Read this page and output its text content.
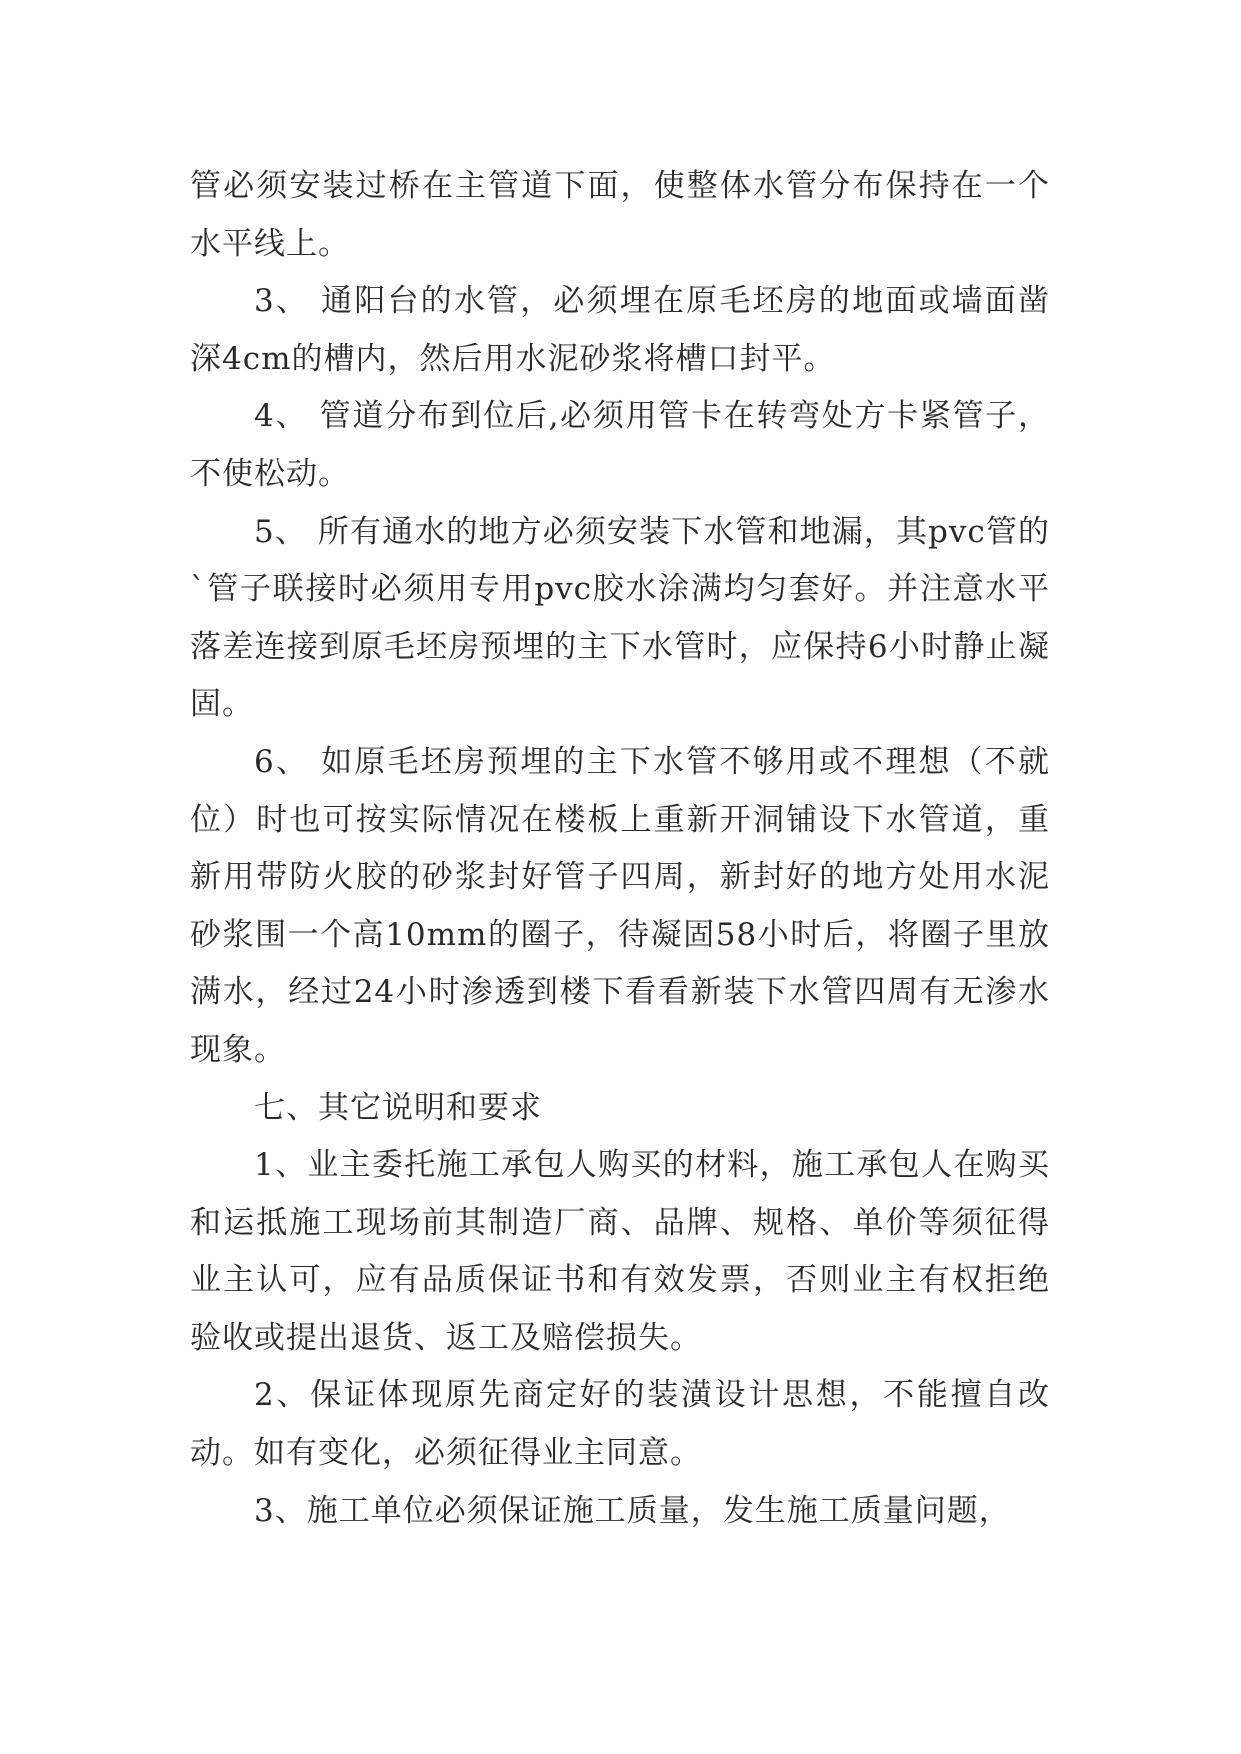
管必须安装过桥在主管道下面，使整体水管分布保持在一个水平线上。

3、 通阳台的水管，必须埋在原毛坯房的地面或墙面凿深4cm的槽内，然后用水泥砂浆将槽口封平。

4、 管道分布到位后,必须用管卡在转弯处方卡紧管子，不使松动。

5、 所有通水的地方必须安装下水管和地漏，其pvc管的`管子联接时必须用专用pvc胶水涂满均匀套好。并注意水平落差连接到原毛坯房预埋的主下水管时，应保持6小时静止凝固。

6、 如原毛坯房预埋的主下水管不够用或不理想（不就位）时也可按实际情况在楼板上重新开洞铺设下水管道，重新用带防火胶的砂浆封好管子四周，新封好的地方处用水泥砂浆围一个高10mm的圈子，待凝固58小时后，将圈子里放满水，经过24小时渗透到楼下看看新装下水管四周有无渗水现象。

七、其它说明和要求

1、业主委托施工承包人购买的材料，施工承包人在购买和运抵施工现场前其制造厂商、品牌、规格、单价等须征得业主认可，应有品质保证书和有效发票，否则业主有权拒绝验收或提出退货、返工及赔偿损失。

2、保证体现原先商定好的装潢设计思想，不能擅自改动。如有变化，必须征得业主同意。

3、施工单位必须保证施工质量，发生施工质量问题，
